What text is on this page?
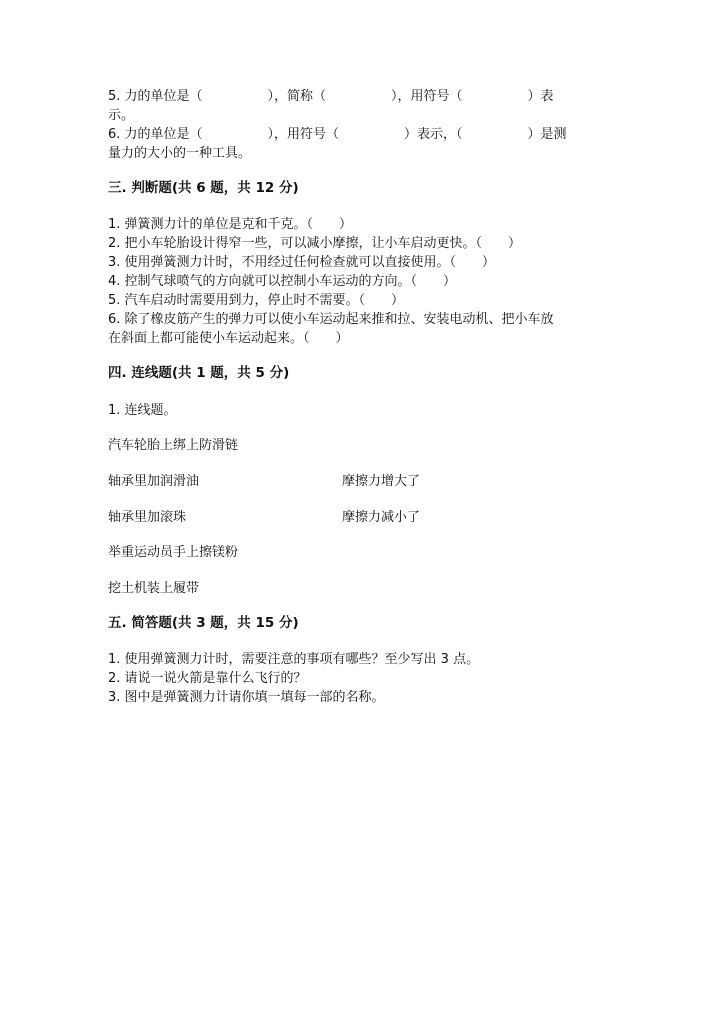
5. 力的单位是（　　　　　），简称（　　　　　），用符号（　　　　　）表
示。
6. 力的单位是（　　　　　），用符号（　　　　　）表示，（　　　　　）是测
量力的大小的一种工具。
三. 判断题(共 6 题，共 12 分)
1. 弹簧测力计的单位是克和千克。（　　）
2. 把小车轮胎设计得窄一些，可以减小摩擦，让小车启动更快。（　　）
3. 使用弹簧测力计时，不用经过任何检查就可以直接使用。（　　）
4. 控制气球喷气的方向就可以控制小车运动的方向。（　　）
5. 汽车启动时需要用到力，停止时不需要。（　　）
6. 除了橡皮筋产生的弹力可以使小车运动起来推和拉、安装电动机、把小车放
在斜面上都可能使小车运动起来。（　　）
四. 连线题(共 1 题，共 5 分)
1. 连线题。
汽车轮胎上绑上防滑链
轴承里加润滑油	摩擦力增大了
轴承里加滚珠	摩擦力减小了
举重运动员手上擦镁粉
挖土机装上履带
五. 简答题(共 3 题，共 15 分)
1. 使用弹簧测力计时，需要注意的事项有哪些？至少写出 3 点。
2. 请说一说火箭是靠什么飞行的？
3. 图中是弹簧测力计请你填一填每一部的名称。
